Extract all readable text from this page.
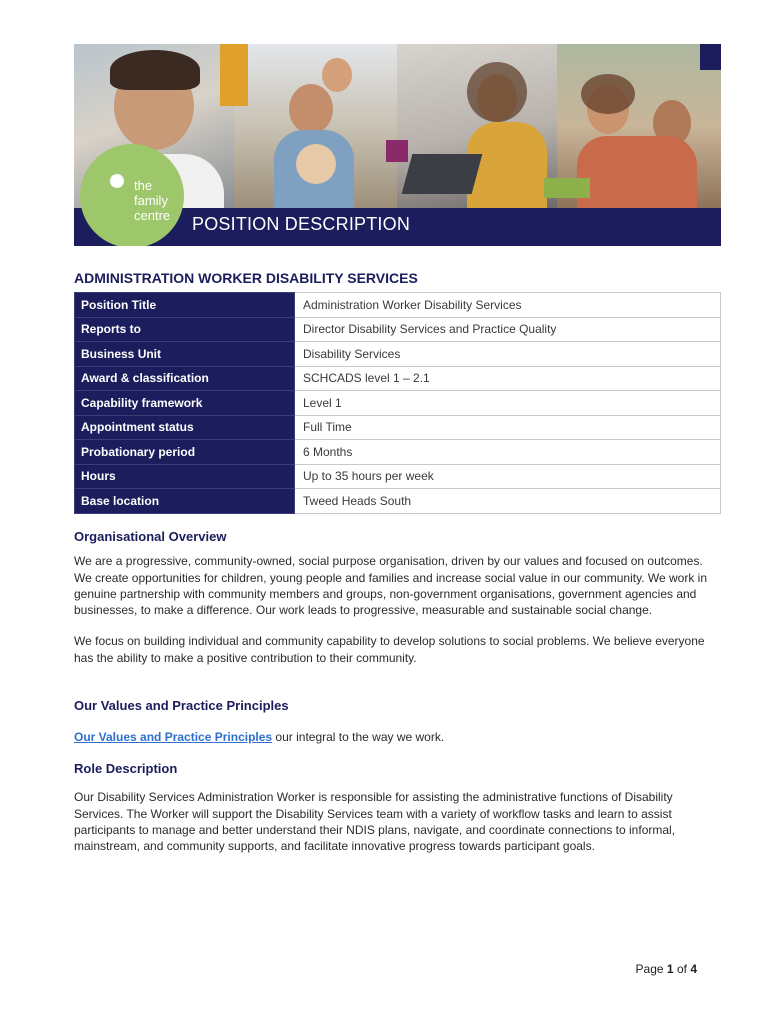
the
family
centre	POSITION DESCRIPTION
ADMINISTRATION WORKER DISABILITY SERVICES
Position Title	Administration Worker Disability Services
Reports to	Director Disability Services and Practice Quality
Business Unit	Disability Services
Award & classification	SCHCADS level 1 – 2.1
Capability framework	Level 1
Appointment status	Full Time
Probationary period	6 Months
Hours	Up to 35 hours per week
Base location	Tweed Heads South
Organisational Overview
We are a progressive, community-owned, social purpose organisation, driven by our values and focused on outcomes. We create opportunities for children, young people and families and increase social value in our community. We work in genuine partnership with community members and groups, non-government organisations, government agencies and businesses, to make a difference. Our work leads to progressive, measurable and sustainable social change.
We focus on building individual and community capability to develop solutions to social problems. We believe everyone has the ability to make a positive contribution to their community.
Our Values and Practice Principles
Our Values and Practice Principles our integral to the way we work.
Role Description
Our Disability Services Administration Worker is responsible for assisting the administrative functions of Disability Services. The Worker will support the Disability Services team with a variety of workflow tasks and learn to assist participants to manage and better understand their NDIS plans, navigate, and coordinate connections to informal, mainstream, and community supports, and facilitate innovative progress towards participant goals.
Page 1 of 4
